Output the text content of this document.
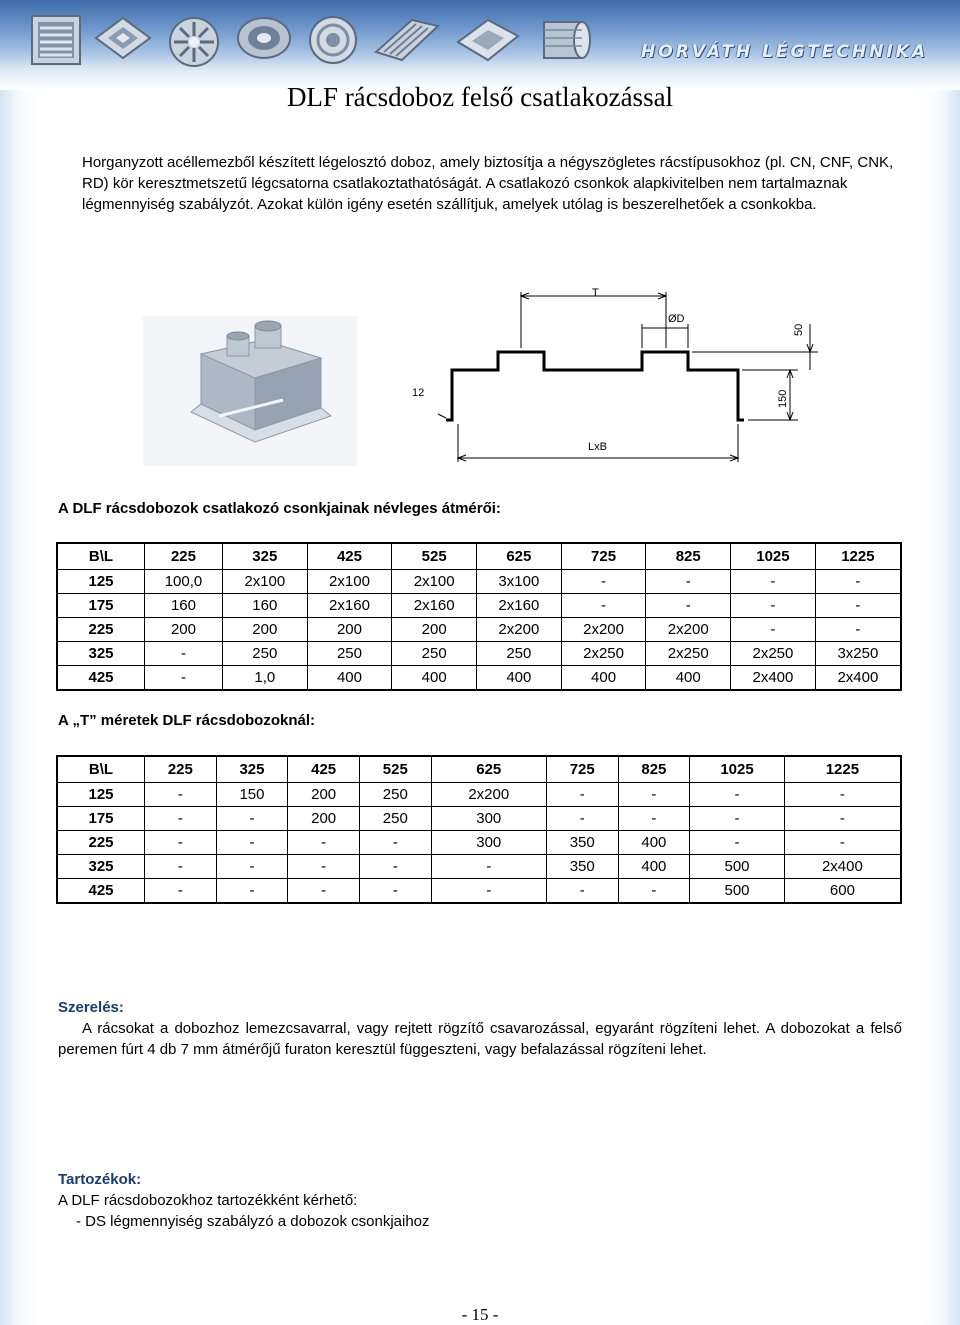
HORVÁTH LÉGTECHNIKA
DLF rácsdoboz felső csatlakozással
Horganyzott acéllemezből készített légelosztó doboz, amely biztosítja a négyszögletes rácstípusokhoz (pl. CN, CNF, CNK, RD) kör keresztmetszetű légcsatorna csatlakoztathatóságát. A csatlakozó csonkok alapkivitelben nem tartalmaznak légmennyiség szabályzót. Azokat külön igény esetén szállítjuk, amelyek utólag is beszerelhetőek a csonkokba.
T
ØD
50
150
12
LxB
A DLF rácsdobozok csatlakozó csonkjainak névleges átmérői:
B\L	225	325	425	525	625	725	825	1025	1225
125	100,0	2x100	2x100	2x100	3x100	-	-	-	-
175	160	160	2x160	2x160	2x160	-	-	-	-
225	200	200	200	200	2x200	2x200	2x200	-	-
325	-	250	250	250	250	2x250	2x250	2x250	3x250
425	-	1,0	400	400	400	400	400	2x400	2x400
A „T” méretek DLF rácsdobozoknál:
B\L	225	325	425	525	625	725	825	1025	1225
125	-	150	200	250	2x200	-	-	-	-
175	-	-	200	250	300	-	-	-	-
225	-	-	-	-	300	350	400	-	-
325	-	-	-	-	-	350	400	500	2x400
425	-	-	-	-	-	-	-	500	600
Szerelés:
A rácsokat a dobozhoz lemezcsavarral, vagy rejtett rögzítő csavarozással, egyaránt rögzíteni lehet. A dobozokat a felső peremen fúrt 4 db 7 mm átmérőjű furaton keresztül függeszteni, vagy befalazással rögzíteni lehet.
Tartozékok:
A DLF rácsdobozokhoz tartozékként kérhető:
- DS légmennyiség szabályzó a dobozok csonkjaihoz
- 15 -
